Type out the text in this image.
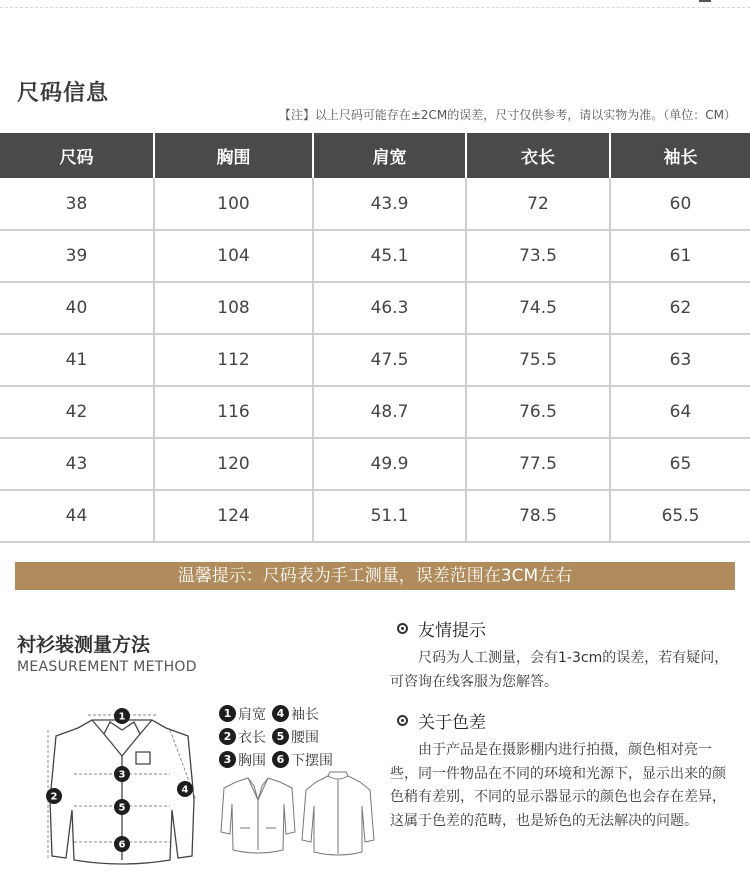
尺码信息
【注】以上尺码可能存在±2CM的误差，尺寸仅供参考，请以实物为准。（单位：CM）
尺码	胸围	肩宽	衣长	袖长
38	100	43.9	72	60
39	104	45.1	73.5	61
40	108	46.3	74.5	62
41	112	47.5	75.5	63
42	116	48.7	76.5	64
43	120	49.9	77.5	65
44	124	51.1	78.5	65.5
温馨提示：尺码表为手工测量，误差范围在3CM左右
衬衫装测量方法
MEASUREMENT METHOD
1
2
3
4
5
6
1 肩宽 4 袖长
2 衣长 5 腰围
3 胸围 6 下摆围
友情提示
尺码为人工测量，会有1-3cm的误差，若有疑问，可咨询在线客服为您解答。
关于色差
由于产品是在摄影棚内进行拍摄，颜色相对亮一些，同一件物品在不同的环境和光源下，显示出来的颜色稍有差别，不同的显示器显示的颜色也会存在差异，这属于色差的范畴，也是矫色的无法解决的问题。
